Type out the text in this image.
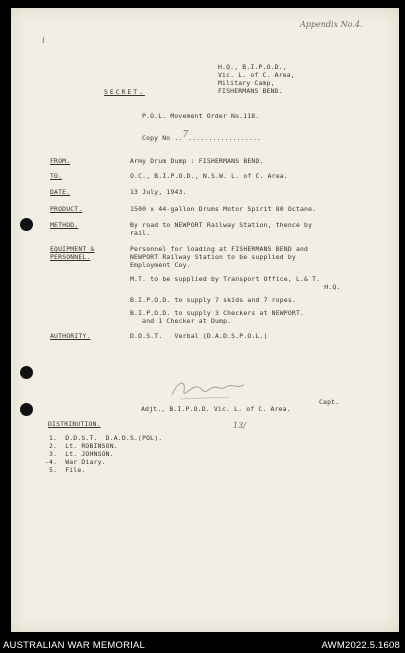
Appendix No.4.
i
H.Q., B.I.P.O.D.,
Vic. L. of C. Area,
Military Camp,
FISHERMANS BEND.
SECRET.
P.O.L. Movement Order No.118.
Copy No ..7..................
FROM.	Army Drum Dump : FISHERMANS BEND.
TO.	O.C., B.I.P.O.D., N.S.W. L. of C. Area.
DATE.	13 July, 1943.
PRODUCT.	1500 x 44-gallon Drums Motor Spirit 80 Octane.
METHOD.	By road to NEWPORT Railway Station, thence by
rail.
EQUIPMENT &
PERSONNEL.
Personnel for loading at FISHERMANS BEND and
NEWPORT Railway Station to be supplied by
Employment Coy.
M.T. to be supplied by Transport Office, L.& T.
H.Q.
B.I.P.O.D. to supply 7 skids and 7 ropes.
B.I.P.O.D. to supply 3 Checkers at NEWPORT.
and 1 Checker at Dump.
AUTHORITY.	D.D.S.T.   Verbal (D.A.D.S.P.O.L.)
Capt.
Adjt., B.I.P.O.D. Vic. L. of C. Area.
13/
DISTRIBUTION.
1.  D.D.S.T.  D.A.D.S.(POL).
2.  Lt. ROBINSON.
3.  Lt. JOHNSON.
-4.  War Diary.
5.  File.
AUSTRALIAN WAR MEMORIAL	AWM2022.5.1608
